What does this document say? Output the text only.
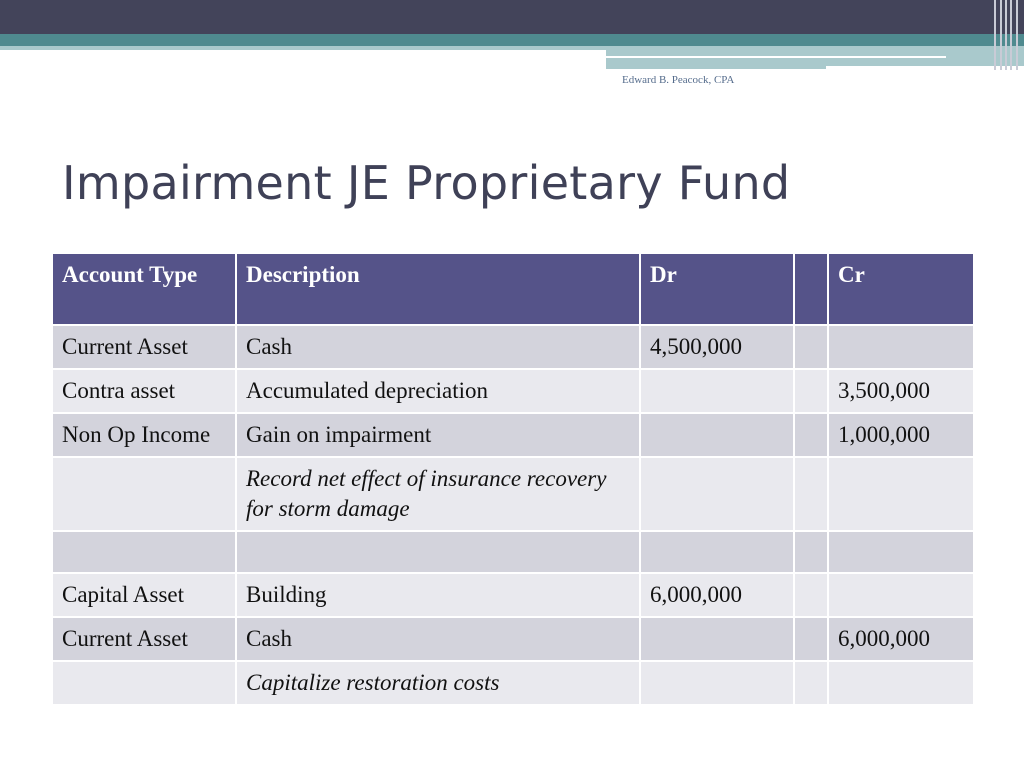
Edward B. Peacock, CPA
Impairment JE Proprietary Fund
Account Type	Description	Dr		Cr
Current Asset	Cash	4,500,000		
Contra asset	Accumulated depreciation			3,500,000
Non Op Income	Gain on impairment			1,000,000
	Record net effect of insurance recovery for storm damage			

Capital Asset	Building	6,000,000		
Current Asset	Cash			6,000,000
	Capitalize restoration costs			
